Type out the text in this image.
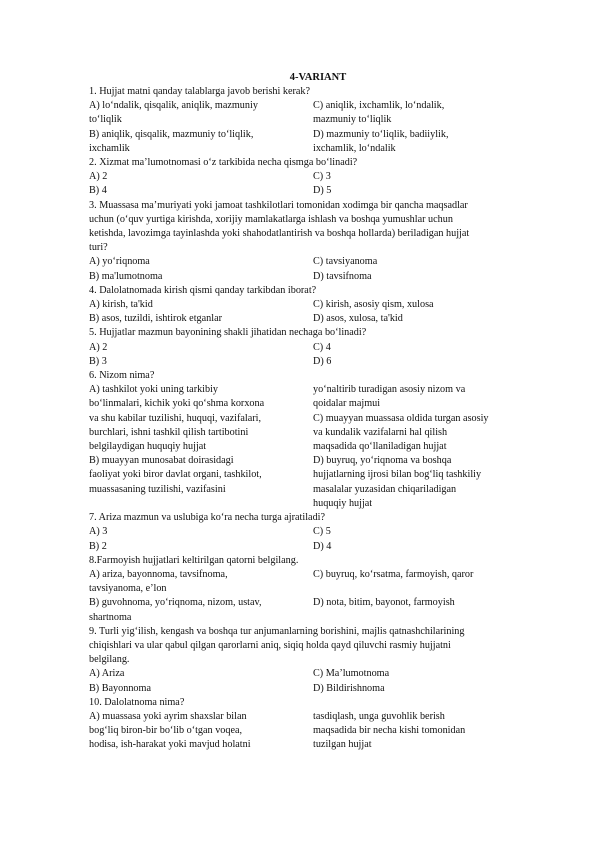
4-VARIANT
1. Hujjat matni qanday talablarga javob berishi kerak?
A) lo‘ndalik, qisqalik, aniqlik, mazmuniy
to‘liqlik
B) aniqlik, qisqalik, mazmuniy to‘liqlik,
ixchamlik
C) aniqlik, ixchamlik, lo‘ndalik,
mazmuniy to‘liqlik
D) mazmuniy to‘liqlik, badiiylik,
ixchamlik, lo‘ndalik
2. Xizmat ma’lumotnomasi o‘z tarkibida necha qismga bo‘linadi?
A) 2
B) 4
C) 3
D) 5
3. Muassasa ma’muriyati yoki jamoat tashkilotlari tomonidan xodimga bir qancha maqsadlar
uchun (o‘quv yurtiga kirishda, xorijiy mamlakatlarga ishlash va boshqa yumushlar uchun
ketishda, lavozimga tayinlashda yoki shahodatlantirish va boshqa hollarda) beriladigan hujjat
turi?
A) yo‘riqnoma
B) ma'lumotnoma
C) tavsiyanoma
D) tavsifnoma
4. Dalolatnomada kirish qismi qanday tarkibdan iborat?
A) kirish, ta'kid
B) asos, tuzildi, ishtirok etganlar
C) kirish, asosiy qism, xulosa
D) asos, xulosa, ta'kid
5. Hujjatlar mazmun bayonining shakli jihatidan nechaga bo‘linadi?
A) 2
B) 3
C) 4
D) 6
6. Nizom nima?
A) tashkilot yoki uning tarkibiy
bo‘linmalari, kichik yoki qo‘shma korxona
va shu kabilar tuzilishi, huquqi, vazifalari,
burchlari, ishni tashkil qilish tartibotini
belgilaydigan huquqiy hujjat
B) muayyan munosabat doirasidagi
faoliyat yoki biror davlat organi, tashkilot,
muassasaning tuzilishi, vazifasini
yo‘naltirib turadigan asosiy nizom va
qoidalar majmui
C) muayyan muassasa oldida turgan asosiy
va kundalik vazifalarni hal qilish
maqsadida qo‘llaniladigan hujjat
D) buyruq, yo‘riqnoma va boshqa
hujjatlarning ijrosi bilan bog‘liq tashkiliy
masalalar yuzasidan chiqariladigan
huquqiy hujjat
7. Ariza mazmun va uslubiga ko‘ra necha turga ajratiladi?
A) 3
B) 2
C) 5
D) 4
8.Farmoyish hujjatlari keltirilgan qatorni belgilang.
A) ariza, bayonnoma, tavsifnoma,
tavsiyanoma, e’lon
B) guvohnoma, yo‘riqnoma, nizom, ustav,
shartnoma
C) buyruq, ko‘rsatma, farmoyish, qaror

D) nota, bitim, bayonot, farmoyish

9. Turli yig‘ilish, kengash va boshqa tur anjumanlarning borishini, majlis qatnashchilarining
chiqishlari va ular qabul qilgan qarorlarni aniq, siqiq holda qayd qiluvchi rasmiy hujjatni
belgilang.
A) Ariza
B) Bayonnoma
C) Ma’lumotnoma
D) Bildirishnoma
10. Dalolatnoma nima?
A) muassasa yoki ayrim shaxslar bilan
bog‘liq biron-bir bo‘lib o‘tgan voqea,
hodisa, ish-harakat yoki mavjud holatni
tasdiqlash, unga guvohlik berish
maqsadida bir necha kishi tomonidan
tuzilgan hujjat
